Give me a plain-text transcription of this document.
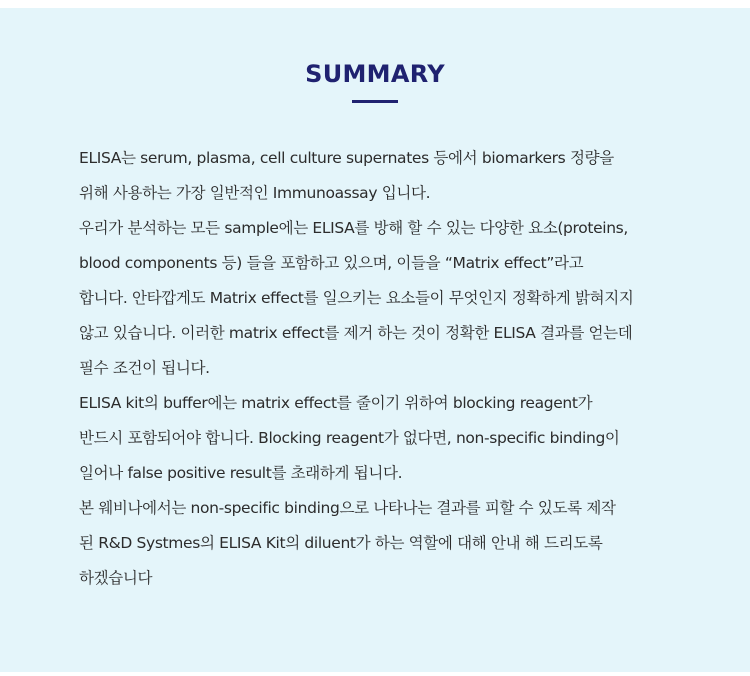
SUMMARY
ELISA는 serum, plasma, cell culture supernates 등에서 biomarkers 정량을
위해 사용하는 가장 일반적인 Immunoassay 입니다.
우리가 분석하는 모든 sample에는 ELISA를 방해 할 수 있는 다양한 요소(proteins,
blood components 등) 들을 포함하고 있으며, 이들을 “Matrix effect”라고
합니다. 안타깝게도 Matrix effect를 일으키는 요소들이 무엇인지 정확하게 밝혀지지
않고 있습니다. 이러한 matrix effect를 제거 하는 것이 정확한 ELISA 결과를 얻는데
필수 조건이 됩니다.
ELISA kit의 buffer에는 matrix effect를 줄이기 위하여 blocking reagent가
반드시 포함되어야 합니다. Blocking reagent가 없다면, non-specific binding이
일어나 false positive result를 초래하게 됩니다.
본 웨비나에서는 non-specific binding으로 나타나는 결과를 피할 수 있도록 제작
된 R&D Systmes의 ELISA Kit의 diluent가 하는 역할에 대해 안내 해 드리도록
하겠습니다
